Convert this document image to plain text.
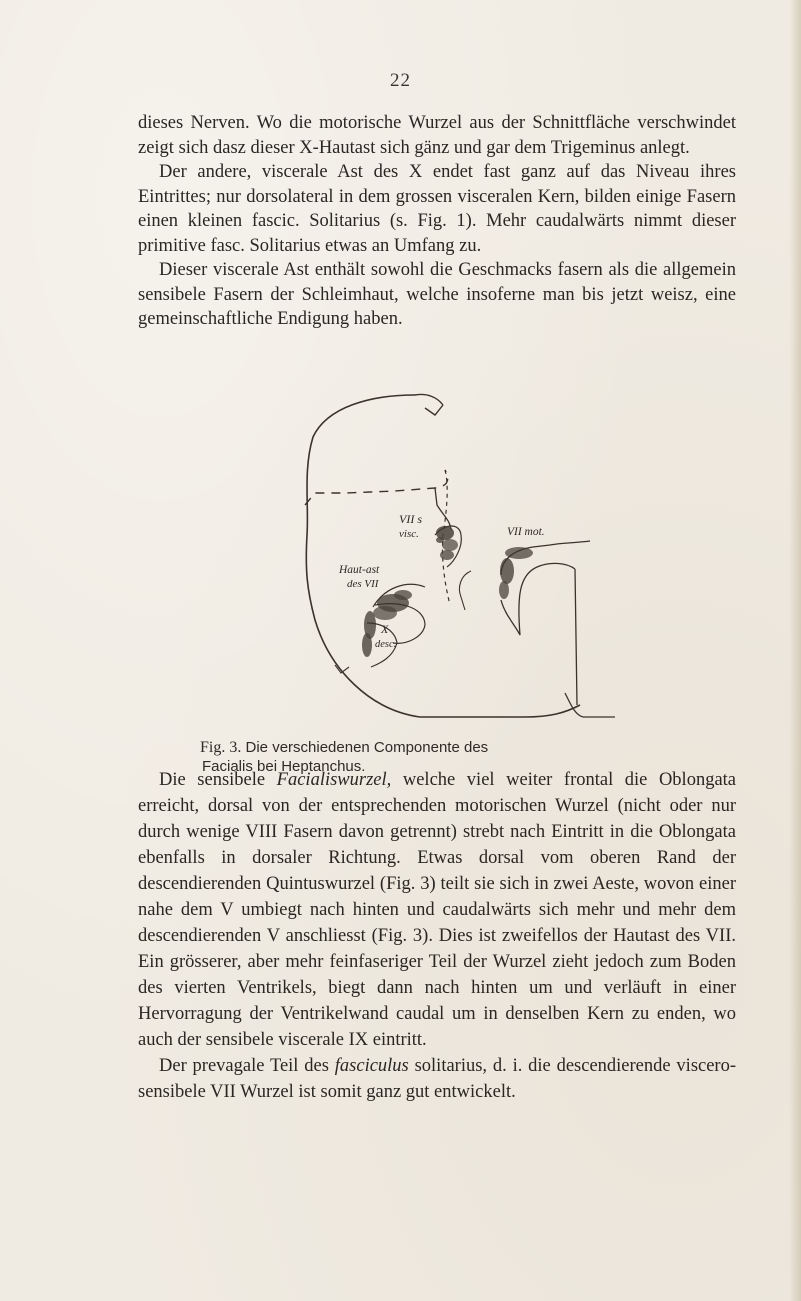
22

dieses Nerven. Wo die motorische Wurzel aus der Schnittfläche verschwindet zeigt sich dasz dieser X-Hautast sich gänz und gar dem Trigeminus anlegt.

Der andere, viscerale Ast des X endet fast ganz auf das Niveau ihres Eintrittes; nur dorsolateral in dem grossen visceralen Kern, bilden einige Fasern einen kleinen fascic. Solitarius (s. Fig. 1). Mehr caudalwärts nimmt dieser primitive fasc. Solitarius etwas an Umfang zu.

Dieser viscerale Ast enthält sowohl die Geschmacks fasern als die allgemein sensibele Fasern der Schleimhaut, welche insoferne man bis jetzt weisz, eine gemeinschaftliche Endigung haben.

VII s
visc.
Haut-ast
des VII
VII mot.
X
desc.
Fig. 3. Die verschiedenen Componente des
Facialis bei Heptanchus.

Die sensibele Facialiswurzel, welche viel weiter frontal die Oblongata erreicht, dorsal von der entsprechenden motorischen Wurzel (nicht oder nur durch wenige VIII Fasern davon getrennt) strebt nach Eintritt in die Oblongata ebenfalls in dorsaler Richtung. Etwas dorsal vom oberen Rand der descendierenden Quintuswurzel (Fig. 3) teilt sie sich in zwei Aeste, wovon einer nahe dem V umbiegt nach hinten und caudalwärts sich mehr und mehr dem descendierenden V anschliesst (Fig. 3). Dies ist zweifellos der Hautast des VII. Ein grösserer, aber mehr feinfaseriger Teil der Wurzel zieht jedoch zum Boden des vierten Ventrikels, biegt dann nach hinten um und verläuft in einer Hervorragung der Ventrikelwand caudal um in denselben Kern zu enden, wo auch der sensibele viscerale IX eintritt.

Der prevagale Teil des fasciculus solitarius, d. i. die descendierende viscero-sensibele VII Wurzel ist somit ganz gut entwickelt.
